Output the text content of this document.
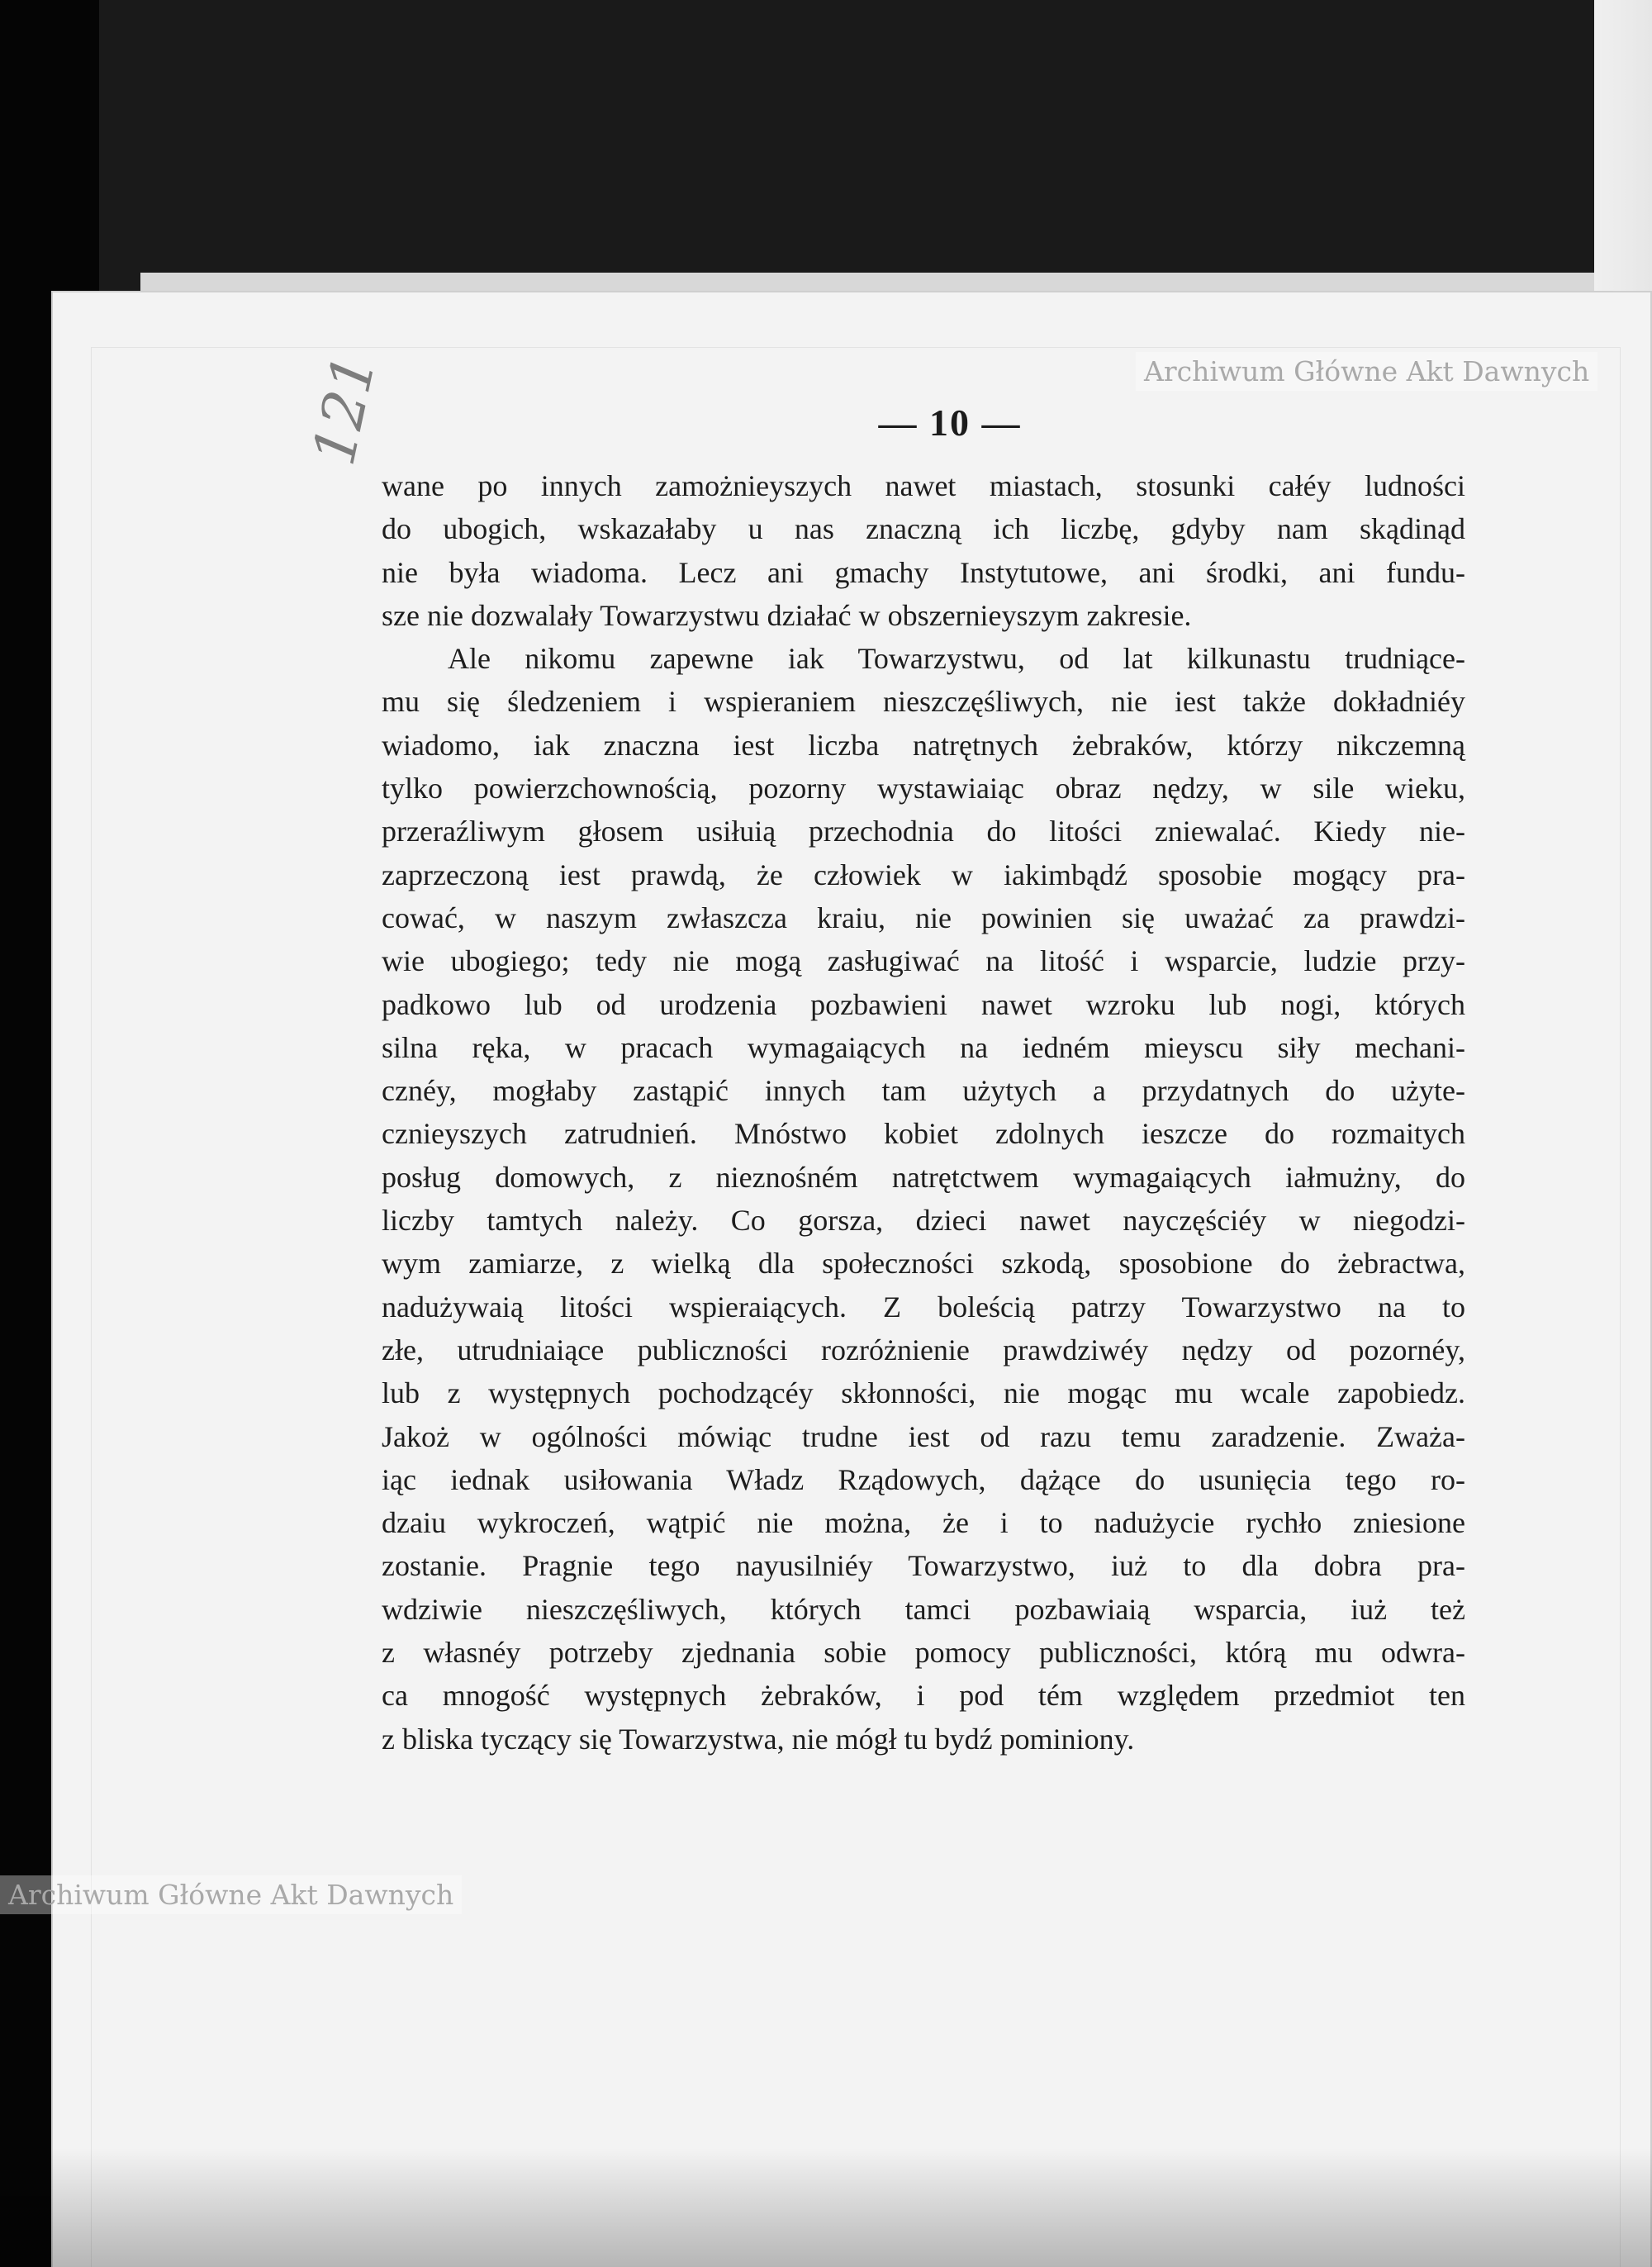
Archiwum Główne Akt Dawnych
Archiwum Główne Akt Dawnych
121	— 10 —
wane po innych zamożnieyszych nawet miastach, stosunki całéy ludności
do ubogich, wskazałaby u nas znaczną ich liczbę, gdyby nam skądinąd
nie była wiadoma. Lecz ani gmachy Instytutowe, ani środki, ani fundu-
sze nie dozwalały Towarzystwu działać w obszernieyszym zakresie.
Ale nikomu zapewne iak Towarzystwu, od lat kilkunastu trudniące-
mu się śledzeniem i wspieraniem nieszczęśliwych, nie iest także dokładniéy
wiadomo, iak znaczna iest liczba natrętnych żebraków, którzy nikczemną
tylko powierzchownością, pozorny wystawiaiąc obraz nędzy, w sile wieku,
przeraźliwym głosem usiłuią przechodnia do litości zniewalać. Kiedy nie-
zaprzeczoną iest prawdą, że człowiek w iakimbądź sposobie mogący pra-
cować, w naszym zwłaszcza kraiu, nie powinien się uważać za prawdzi-
wie ubogiego; tedy nie mogą zasługiwać na litość i wsparcie, ludzie przy-
padkowo lub od urodzenia pozbawieni nawet wzroku lub nogi, których
silna ręka, w pracach wymagaiących na iedném mieyscu siły mechani-
cznéy, mogłaby zastąpić innych tam użytych a przydatnych do użyte-
cznieyszych zatrudnień. Mnóstwo kobiet zdolnych ieszcze do rozmaitych
posług domowych, z nieznośném natrętctwem wymagaiących iałmużny, do
liczby tamtych należy. Co gorsza, dzieci nawet nayczęściéy w niegodzi-
wym zamiarze, z wielką dla społeczności szkodą, sposobione do żebractwa,
nadużywaią litości wspieraiących. Z boleścią patrzy Towarzystwo na to
złe, utrudniaiące publiczności rozróżnienie prawdziwéy nędzy od pozornéy,
lub z występnych pochodzącéy skłonności, nie mogąc mu wcale zapobiedz.
Jakoż w ogólności mówiąc trudne iest od razu temu zaradzenie. Zważa-
iąc iednak usiłowania Władz Rządowych, dążące do usunięcia tego ro-
dzaiu wykroczeń, wątpić nie można, że i to nadużycie rychło zniesione
zostanie. Pragnie tego nayusilniéy Towarzystwo, iuż to dla dobra pra-
wdziwie nieszczęśliwych, których tamci pozbawiaią wsparcia, iuż też
z własnéy potrzeby zjednania sobie pomocy publiczności, którą mu odwra-
ca mnogość występnych żebraków, i pod tém względem przedmiot ten
z bliska tyczący się Towarzystwa, nie mógł tu bydź pominiony.
